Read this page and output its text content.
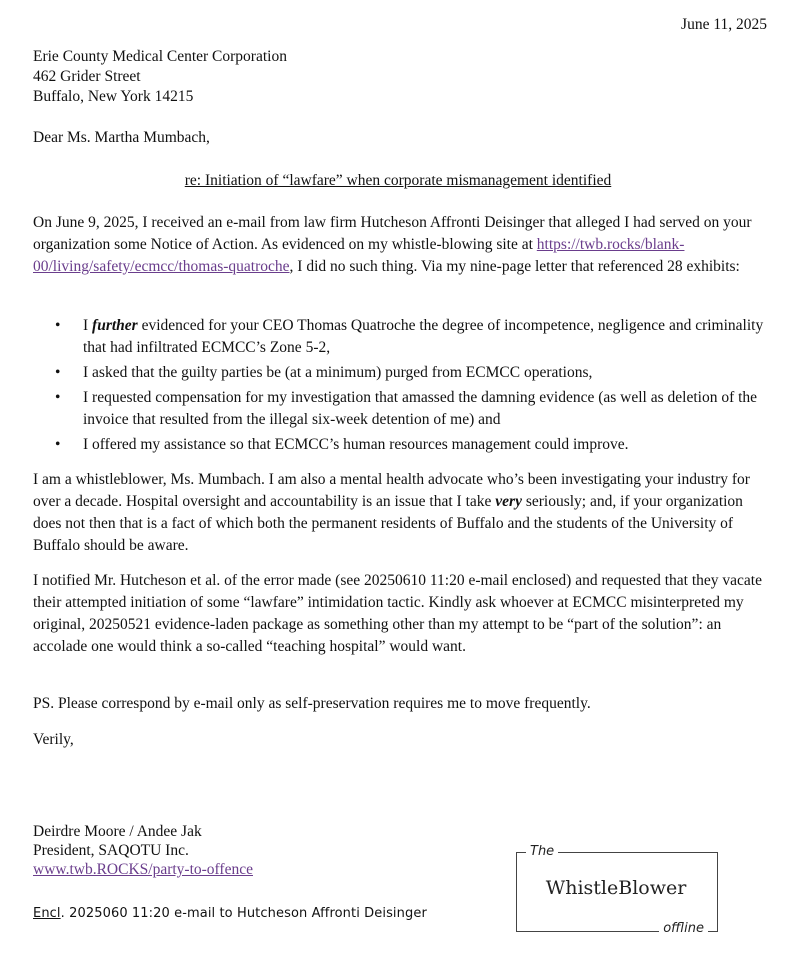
June 11, 2025
Erie County Medical Center Corporation
462 Grider Street
Buffalo, New York 14215
Dear Ms. Martha Mumbach,
re: Initiation of “lawfare” when corporate mismanagement identified
On June 9, 2025, I received an e-mail from law firm Hutcheson Affronti Deisinger that alleged I had served on your organization some Notice of Action. As evidenced on my whistle-blowing site at https://twb.rocks/blank-00/living/safety/ecmcc/thomas-quatroche, I did no such thing. Via my nine-page letter that referenced 28 exhibits:
• I further evidenced for your CEO Thomas Quatroche the degree of incompetence, negligence and criminality that had infiltrated ECMCC’s Zone 5-2,
• I asked that the guilty parties be (at a minimum) purged from ECMCC operations,
• I requested compensation for my investigation that amassed the damning evidence (as well as deletion of the invoice that resulted from the illegal six-week detention of me) and
• I offered my assistance so that ECMCC’s human resources management could improve.
I am a whistleblower, Ms. Mumbach. I am also a mental health advocate who’s been investigating your industry for over a decade. Hospital oversight and accountability is an issue that I take very seriously; and, if your organization does not then that is a fact of which both the permanent residents of Buffalo and the students of the University of Buffalo should be aware.
I notified Mr. Hutcheson et al. of the error made (see 20250610 11:20 e-mail enclosed) and requested that they vacate their attempted initiation of some “lawfare” intimidation tactic. Kindly ask whoever at ECMCC misinterpreted my original, 20250521 evidence-laden package as something other than my attempt to be “part of the solution”: an accolade one would think a so-called “teaching hospital” would want.
PS. Please correspond by e-mail only as self-preservation requires me to move frequently.
Verily,
Deirdre Moore / Andee Jak
President, SAQOTU Inc.
www.twb.ROCKS/party-to-offence
Encl. 2025060 11:20 e-mail to Hutcheson Affronti Deisinger
The
WhistleBlower
offline
